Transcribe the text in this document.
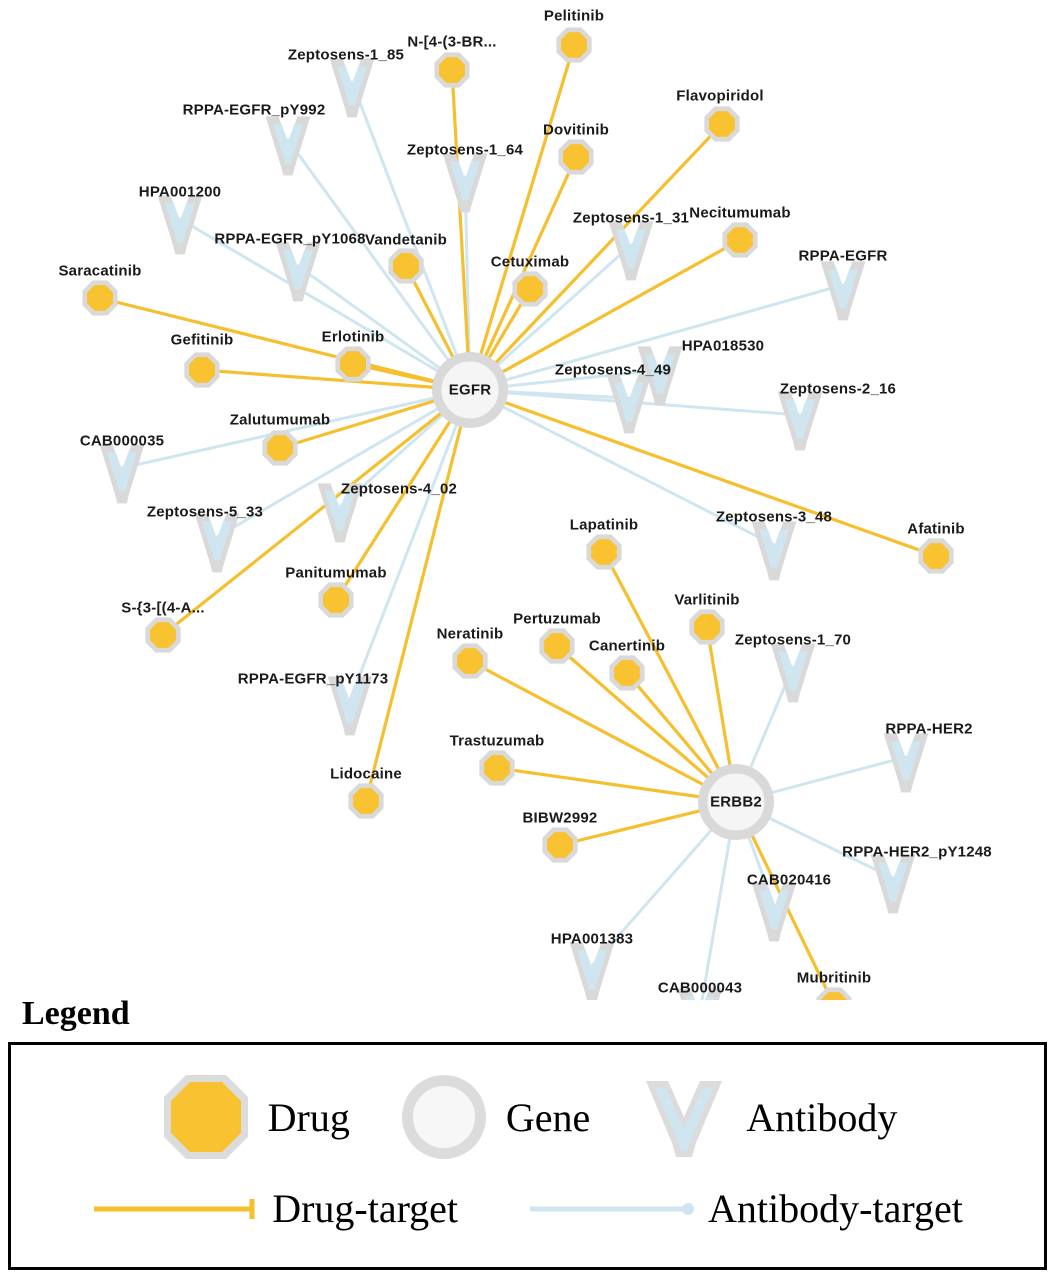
Zeptosens-1_85
RPPA-EGFR_pY992
Zeptosens-1_64
HPA001200
Zeptosens-1_31
RPPA-EGFR_pY1068
RPPA-EGFR
HPA018530
Zeptosens-4_49
Zeptosens-2_16
CAB000035
Zeptosens-4_02
Zeptosens-5_33	Zeptosens-3_48
Zeptosens-1_70
RPPA-EGFR_pY1173
RPPA-HER2
RPPA-HER2_pY1248
CAB020416
HPA001383
CAB000043
Pelitinib
N-[4-(3-BR...
Flavopiridol
Dovitinib
Necitumumab
Vandetanib
Cetuximab
Saracatinib
Gefitinib	Erlotinib
Zalutumumab
Afatinib
Lapatinib
Varlitinib
Panitumumab
S-{3-[(4-A...
Pertuzumab
Neratinib
Canertinib
Trastuzumab
Lidocaine
BIBW2992
Mubritinib
EGFR
ERBB2
Legend
Drug	Gene	Antibody
Drug-target	Antibody-target
